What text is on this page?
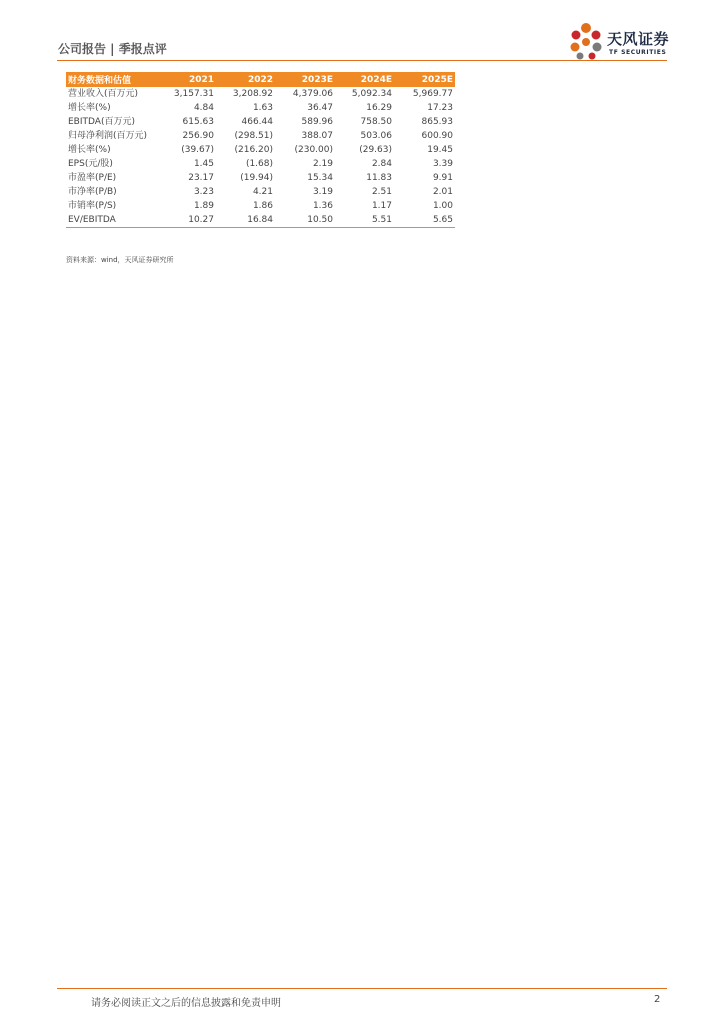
公司报告 | 季报点评
天风证券
TF SECURITIES
财务数据和估值	2021	2022	2023E	2024E	2025E
营业收入(百万元)	3,157.31	3,208.92	4,379.06	5,092.34	5,969.77
增长率(%)	4.84	1.63	36.47	16.29	17.23
EBITDA(百万元)	615.63	466.44	589.96	758.50	865.93
归母净利润(百万元)	256.90	(298.51)	388.07	503.06	600.90
增长率(%)	(39.67)	(216.20)	(230.00)	(29.63)	19.45
EPS(元/股)	1.45	(1.68)	2.19	2.84	3.39
市盈率(P/E)	23.17	(19.94)	15.34	11.83	9.91
市净率(P/B)	3.23	4.21	3.19	2.51	2.01
市销率(P/S)	1.89	1.86	1.36	1.17	1.00
EV/EBITDA	10.27	16.84	10.50	5.51	5.65
资料来源：wind，天风证券研究所
请务必阅读正文之后的信息披露和免责申明	2
